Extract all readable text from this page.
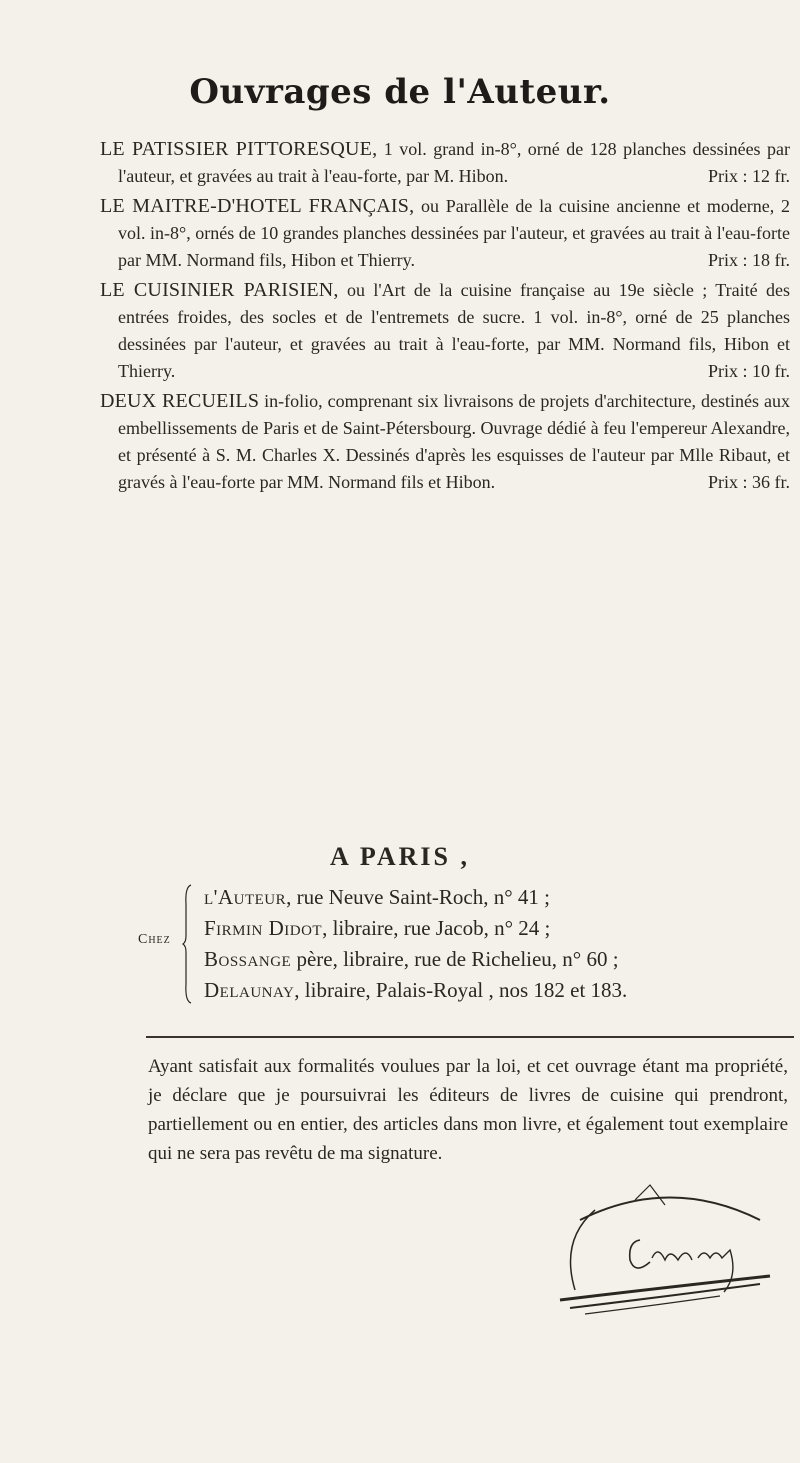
Ouvrages de l'Auteur.

LE PATISSIER PITTORESQUE, 1 vol. grand in-8°, orné de 128 planches dessinées par l'auteur, et gravées au trait à l'eau-forte, par M. Hibon.	Prix : 12 fr.

LE MAITRE-D'HOTEL FRANÇAIS, ou Parallèle de la cuisine ancienne et moderne, 2 vol. in-8°, ornés de 10 grandes planches dessinées par l'auteur, et gravées au trait à l'eau-forte par MM. Normand fils, Hibon et Thierry.	Prix : 18 fr.

LE CUISINIER PARISIEN, ou l'Art de la cuisine française au 19e siècle ; Traité des entrées froides, des socles et de l'entremets de sucre. 1 vol. in-8°, orné de 25 planches dessinées par l'auteur, et gravées au trait à l'eau-forte, par MM. Normand fils, Hibon et Thierry.	Prix : 10 fr.

DEUX RECUEILS in-folio, comprenant six livraisons de projets d'architecture, destinés aux embellissements de Paris et de Saint-Pétersbourg. Ouvrage dédié à feu l'empereur Alexandre, et présenté à S. M. Charles X. Dessinés d'après les esquisses de l'auteur par Mlle Ribaut, et gravés à l'eau-forte par MM. Normand fils et Hibon.	Prix : 36 fr.

A PARIS ,
Chez
l'Auteur, rue Neuve Saint-Roch, n° 41 ;
Firmin Didot, libraire, rue Jacob, n° 24 ;
Bossange père, libraire, rue de Richelieu, n° 60 ;
Delaunay, libraire, Palais-Royal , nos 182 et 183.
Ayant satisfait aux formalités voulues par la loi, et cet ouvrage étant ma propriété, je déclare que je poursuivrai les éditeurs de livres de cuisine qui prendront, partiellement ou en entier, des articles dans mon livre, et également tout exemplaire qui ne sera pas revêtu de ma signature.
